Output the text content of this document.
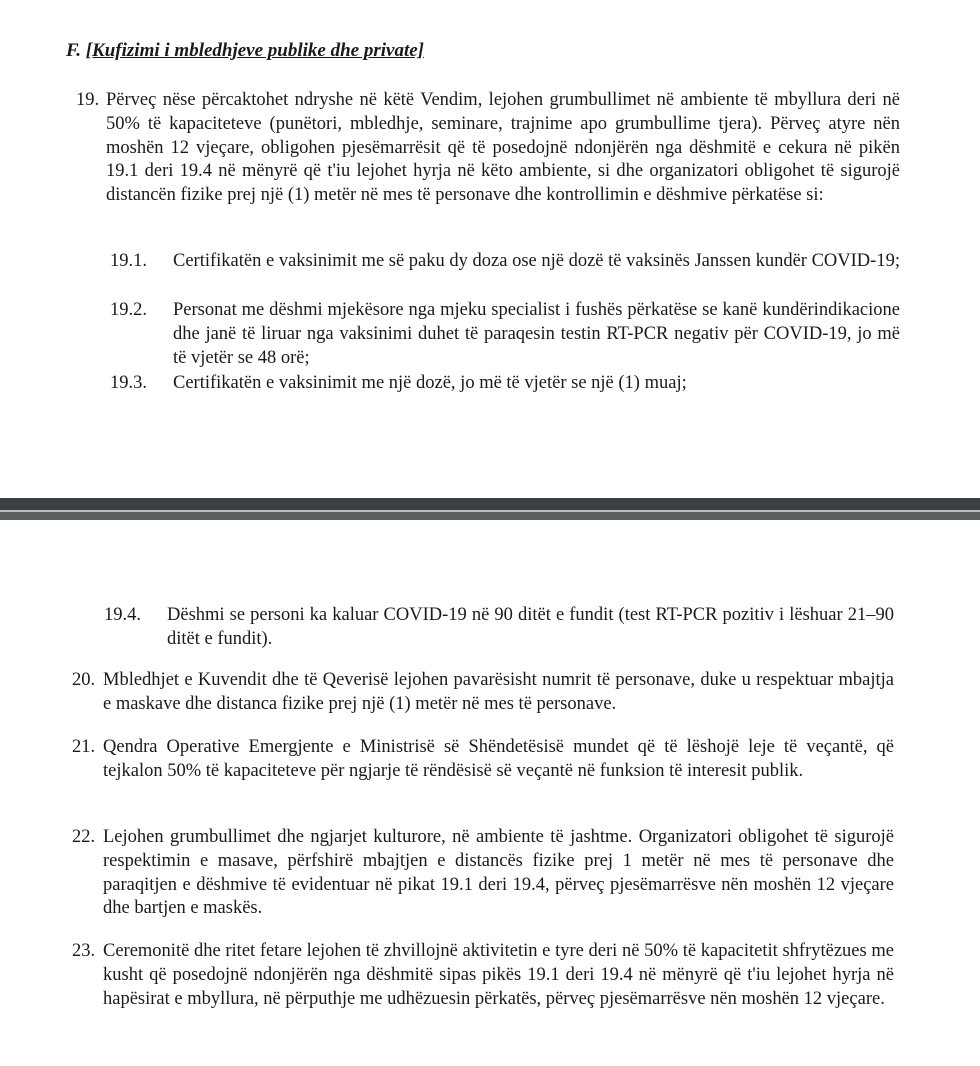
F. [Kufizimi i mbledhjeve publike dhe private]
19. Përveç nëse përcaktohet ndryshe në këtë Vendim, lejohen grumbullimet në ambiente të mbyllura deri në 50% të kapaciteteve (punëtori, mbledhje, seminare, trajnime apo grumbullime tjera). Përveç atyre nën moshën 12 vjeçare, obligohen pjesëmarrësit që të posedojnë ndonjërën nga dëshmitë e cekura në pikën 19.1 deri 19.4 në mënyrë që t'iu lejohet hyrja në këto ambiente, si dhe organizatori obligohet të sigurojë distancën fizike prej një (1) metër në mes të personave dhe kontrollimin e dëshmive përkatëse si:
19.1. Certifikatën e vaksinimit me së paku dy doza ose një dozë të vaksinës Janssen kundër COVID-19;
19.2. Personat me dëshmi mjekësore nga mjeku specialist i fushës përkatëse se kanë kundërindikacione dhe janë të liruar nga vaksinimi duhet të paraqesin testin RT-PCR negativ për COVID-19, jo më të vjetër se 48 orë;
19.3. Certifikatën e vaksinimit me një dozë, jo më të vjetër se një (1) muaj;
19.4. Dëshmi se personi ka kaluar COVID-19 në 90 ditët e fundit (test RT-PCR pozitiv i lëshuar 21–90 ditët e fundit).
20. Mbledhjet e Kuvendit dhe të Qeverisë lejohen pavarësisht numrit të personave, duke u respektuar mbajtja e maskave dhe distanca fizike prej një (1) metër në mes të personave.
21. Qendra Operative Emergjente e Ministrisë së Shëndetësisë mundet që të lëshojë leje të veçantë, që tejkalon 50% të kapaciteteve për ngjarje të rëndësisë së veçantë në funksion të interesit publik.
22. Lejohen grumbullimet dhe ngjarjet kulturore, në ambiente të jashtme. Organizatori obligohet të sigurojë respektimin e masave, përfshirë mbajtjen e distancës fizike prej 1 metër në mes të personave dhe paraqitjen e dëshmive të evidentuar në pikat 19.1 deri 19.4, përveç pjesëmarrësve nën moshën 12 vjeçare dhe bartjen e maskës.
23. Ceremonitë dhe ritet fetare lejohen të zhvillojnë aktivitetin e tyre deri në 50% të kapacitetit shfrytëzues me kusht që posedojnë ndonjërën nga dëshmitë sipas pikës 19.1 deri 19.4 në mënyrë që t'iu lejohet hyrja në hapësirat e mbyllura, në përputhje me udhëzuesin përkatës, përveç pjesëmarrësve nën moshën 12 vjeçare.
